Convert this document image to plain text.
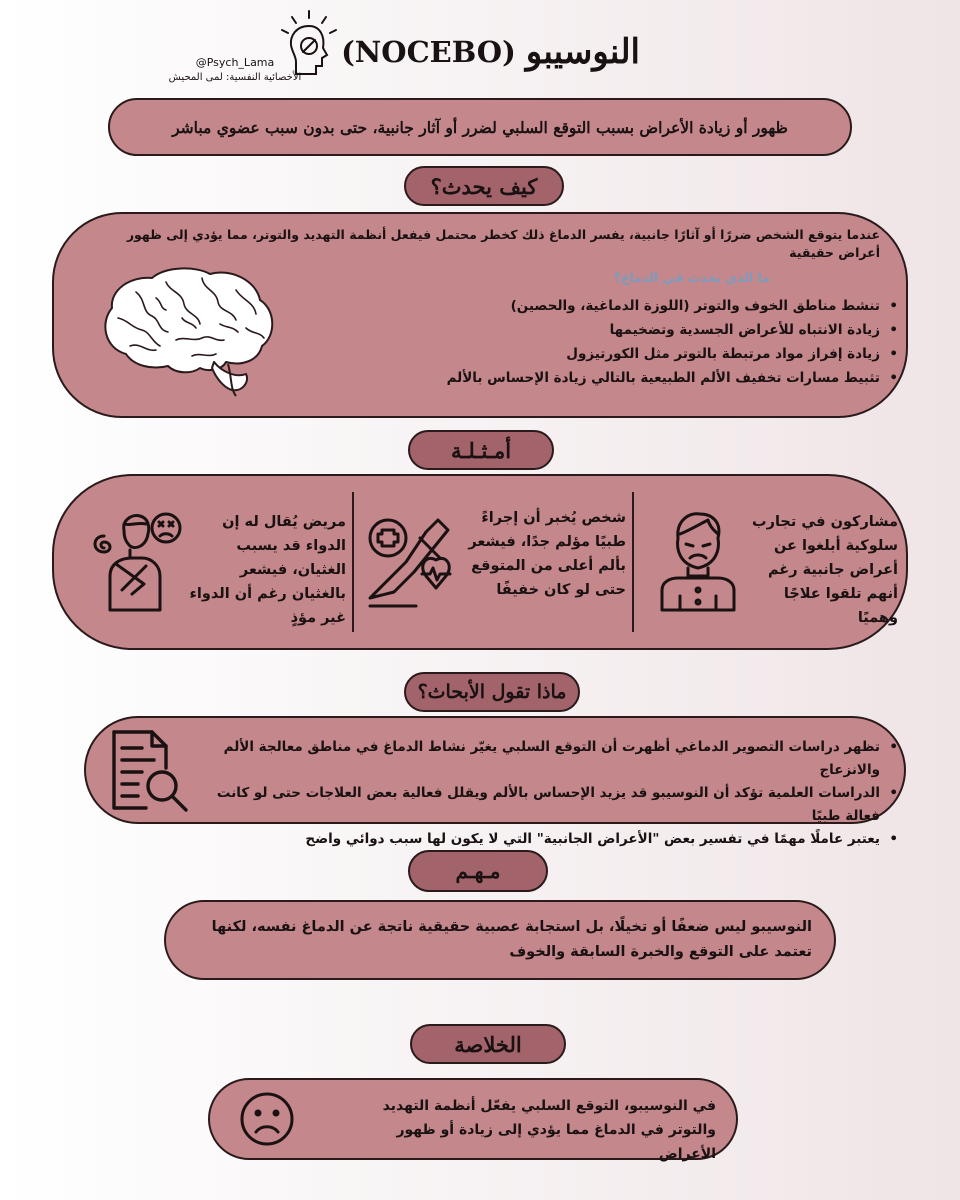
النوسيبو
(NOCEBO)
@Psych_Lama
الأخصائية النفسية: لمى المحيش
ظهور أو زيادة الأعراض بسبب التوقع السلبي لضرر أو آثار جانبية، حتى بدون سبب عضوي مباشر
كيف يحدث؟
عندما يتوقع الشخص ضررًا أو آثارًا جانبية، يفسر الدماغ ذلك كخطر محتمل فيفعل أنظمة التهديد والتوتر، مما يؤدي إلى ظهور أعراض حقيقية
ما الذي يحدث في الدماغ؟
• تنشط مناطق الخوف والتوتر (اللوزة الدماغية، والحصين)
• زيادة الانتباه للأعراض الجسدية وتضخيمها
• زيادة إفراز مواد مرتبطة بالتوتر مثل الكورتيزول
• تثبيط مسارات تخفيف الألم الطبيعية بالتالي زيادة الإحساس بالألم
أمـثـلـة
مشاركون في تجارب سلوكية أبلغوا عن أعراض جانبية رغم أنهم تلقوا علاجًا وهميًا
شخص يُخبر أن إجراءً طبيًا مؤلم جدًا، فيشعر بألم أعلى من المتوقع حتى لو كان خفيفًا
مريض يُقال له إن الدواء قد يسبب الغثيان، فيشعر بالغثيان رغم أن الدواء غير مؤذٍ
ماذا تقول الأبحاث؟
• تظهر دراسات التصوير الدماغي أظهرت أن التوقع السلبي يغيّر نشاط الدماغ في مناطق معالجة الألم والانزعاج
• الدراسات العلمية تؤكد أن النوسيبو قد يزيد الإحساس بالألم ويقلل فعالية بعض العلاجات حتى لو كانت فعالة طبيًا
• يعتبر عاملًا مهمًا في تفسير بعض "الأعراض الجانبية" التي لا يكون لها سبب دوائي واضح
مـهـم
النوسيبو ليس ضعفًا أو تخيلًا، بل استجابة عصبية حقيقية ناتجة عن الدماغ نفسه، لكنها تعتمد على التوقع والخبرة السابقة والخوف
الخلاصة
في النوسيبو، التوقع السلبي يفعّل أنظمة التهديد والتوتر في الدماغ مما يؤدي إلى زيادة أو ظهور الأعراض
